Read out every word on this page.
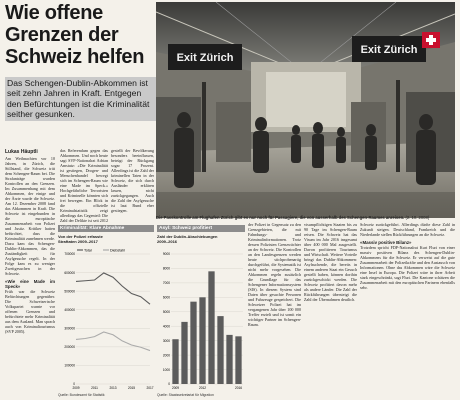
Wie offene
Grenzen der
Schweiz helfen
Das Schengen-Dublin-Abkommen ist seit zehn Jahren in Kraft. Entgegen den Befürchtungen ist die Kriminalität seither gesunken.
Lukas Häuptli

Am Weihnachten vor 10 Jahren, in Zürich, die Stillstand, die Schweiz tritt dem Schengen-Raum bei. Die Strafanträge wurden Kontrollen an den Grenzen. Im Zusammenhang mit dem Abkommen, der einige und der Ärzte wurde die Schweiz. Am 12. Dezember 2008 fand das Abkommen in Kraft. Die Schweiz ist eingebunden in die europäische Zusammenarbeit von Polizei und Justiz. Kritiker hatten befürchtet, dass die Kriminalität zunehmen werde. Dazu kam das Schengen-Dublin-Abkommen, das die Zuständigkeit für Asylgesuche regelt. In der Folge kam es zu weniger Zweitgesuchen in der Schweiz.

«Wie eine Made im Speck»

Früh war die Schweiz Befürchtungen gegenüber. Die Schweizerische Volkspartei warnte vor offenen Grenzen und befürchtete mehr Kriminalität aus dem Ausland. Man sprach auch von Kriminaltourismus (SVP 2005).

das Referendum gegen das Abkommen. Und noch heute sagt SVP-Nationalrat Adrian Amstutz: «Die Kriminalität ist gestiegen, Drogen- und Menschenhandel bewegt sich im Schengen-Raum wie eine Made im Speck.» Hochgefährliche Terroristen und Kriminelle könnten sich frei bewegen. Ein Blick in die offizielle Kriminalstatistik zeigt allerdings das Gegenteil: Die Zahl der Delikte ist seit 2012

gestellt der Bevölkerung besonders beeinflussen, betrügt der Rückgang sogar 17 Prozent. Allerdings ist die Zahl der kriminellen Taten in der Schweiz, die sich durch Ausländer erklären lassen, nicht zurückgegangen. Auch die Zahl der Asylgesuche ist laut Bund eher gestiegen.

Exit Zürich
Exit Zürich
Die Passkontrolle am Flughafen Zürich gibt es nur noch für Passagiere, die von ausserhalb des Schengen-Raumes anreisen. (2. 10. 2008)
Kriminalität: Klare Abnahme
Von der Polizei erfasste
Straftaten 2009–2017
Total	Diebstahl
700000
600000
500000
400000
300000
200000
100000
0
2009	2011	2013	2015	2017
Quelle: Bundesamt für Statistik
Asyl: Schweiz profitiert
Zahl der Dublin-Abschiebungen
2009–2016
9000
8000
7000
6000
5000
4000
3000
2000
1000
0
2009	2012	2016
Quelle: Staatssekretariat für Migration

der Polizei in Gegensatz zu den Grenzgebieten, die mit Fahndungs- und Kriminalinformationen. Trotz dessen Polizisten Grenzwächter an der Schweiz. Die Kontrollen an den Landesgrenzen werden heute stichprobenartig durchgeführt, die Systematik ist nicht mehr vorgesehen. Die Abkommen regeln zusätzlich die Grundlage für das Schengener Informationssystem (SIS). In diesem System sind Daten über gesuchte Personen und Fahrzeuge gespeichert. Die Schweizer Polizei hat im vergangenen Jahr über 100 000 Treffer erzielt und ist somit ein wichtiger Partner im Schengen-Raum.

visumpflichtigen Staaten bis zu 90 Tage im Schengen-Raum reisen. Die Schweiz hat das Visum im Jahr 2016 insgesamt über 400 000 Mal ausgestellt. Davon profitieren Tourismus und Wirtschaft. Weitere Vorteile bringt das Dublin-Abkommen: Asylsuchende, die bereits in einem anderen Staat ein Gesuch gestellt haben, können dorthin zurückgeschickt werden. Die Schweiz profitiert davon mehr als andere Länder. Die Zahl der Rückführungen übersteigt die Zahl der Übernahmen deutlich.

Schweiz zurückgeführt. Allerdings dürfte diese Zahl in Zukunft steigen. Deutschland, Frankreich und die Niederlande stellen Rückführungen an die Schweiz.

«Massiv positive Bilanz»

Trotzdem spricht FDP-Nationalrat Kurt Fluri von einer massiv positiven Bilanz des Schengen-Dublin-Abkommens für die Schweiz. Er verweist auf die gute Zusammenarbeit der Polizeikräfte und den Austausch von Informationen. Ohne das Abkommen wäre die Schweiz eine Insel in Europa. Die Polizei wäre in ihrer Arbeit stark eingeschränkt, sagt Fluri. Die Kantone schätzen die Zusammenarbeit mit den europäischen Partnern ebenfalls sehr.
